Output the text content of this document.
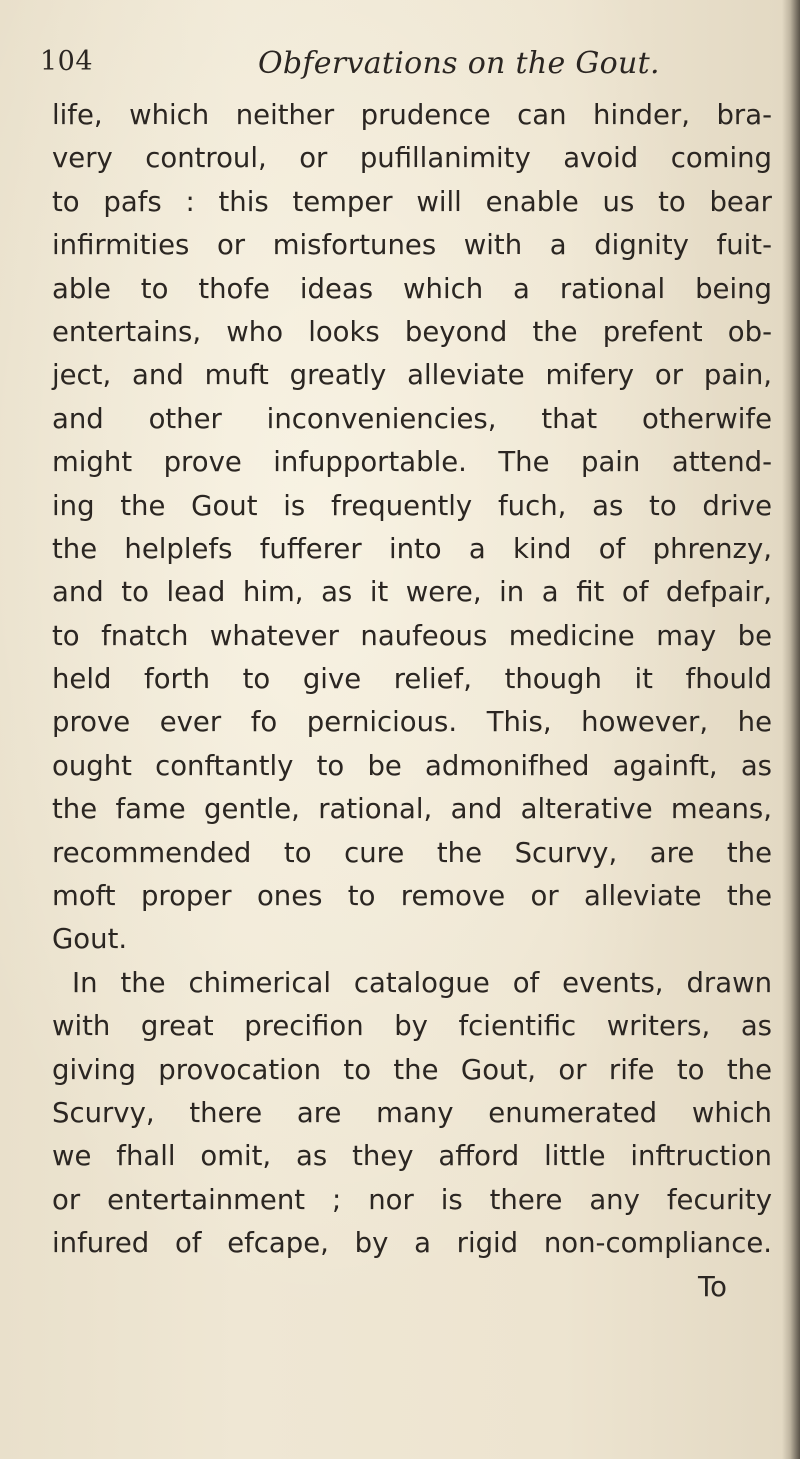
104	Obfervations on the Gout.
life, which neither prudence can hinder, bra-
very controul, or pufillanimity avoid coming
to pafs : this temper will enable us to bear
infirmities or misfortunes with a dignity fuit-
able to thofe ideas which a rational being
entertains, who looks beyond the prefent ob-
ject, and muft greatly alleviate mifery or pain,
and other inconveniencies, that otherwife
might prove infupportable. The pain attend-
ing the Gout is frequently fuch, as to drive
the helplefs fufferer into a kind of phrenzy,
and to lead him, as it were, in a fit of defpair,
to fnatch whatever naufeous medicine may be
held forth to give relief, though it fhould
prove ever fo pernicious. This, however, he
ought conftantly to be admonifhed againft, as
the fame gentle, rational, and alterative means,
recommended to cure the Scurvy, are the
moft proper ones to remove or alleviate the
Gout.
In the chimerical catalogue of events, drawn
with great precifion by fcientific writers, as
giving provocation to the Gout, or rife to the
Scurvy, there are many enumerated which
we fhall omit, as they afford little inftruction
or entertainment ; nor is there any fecurity
infured of efcape, by a rigid non-compliance.
To
